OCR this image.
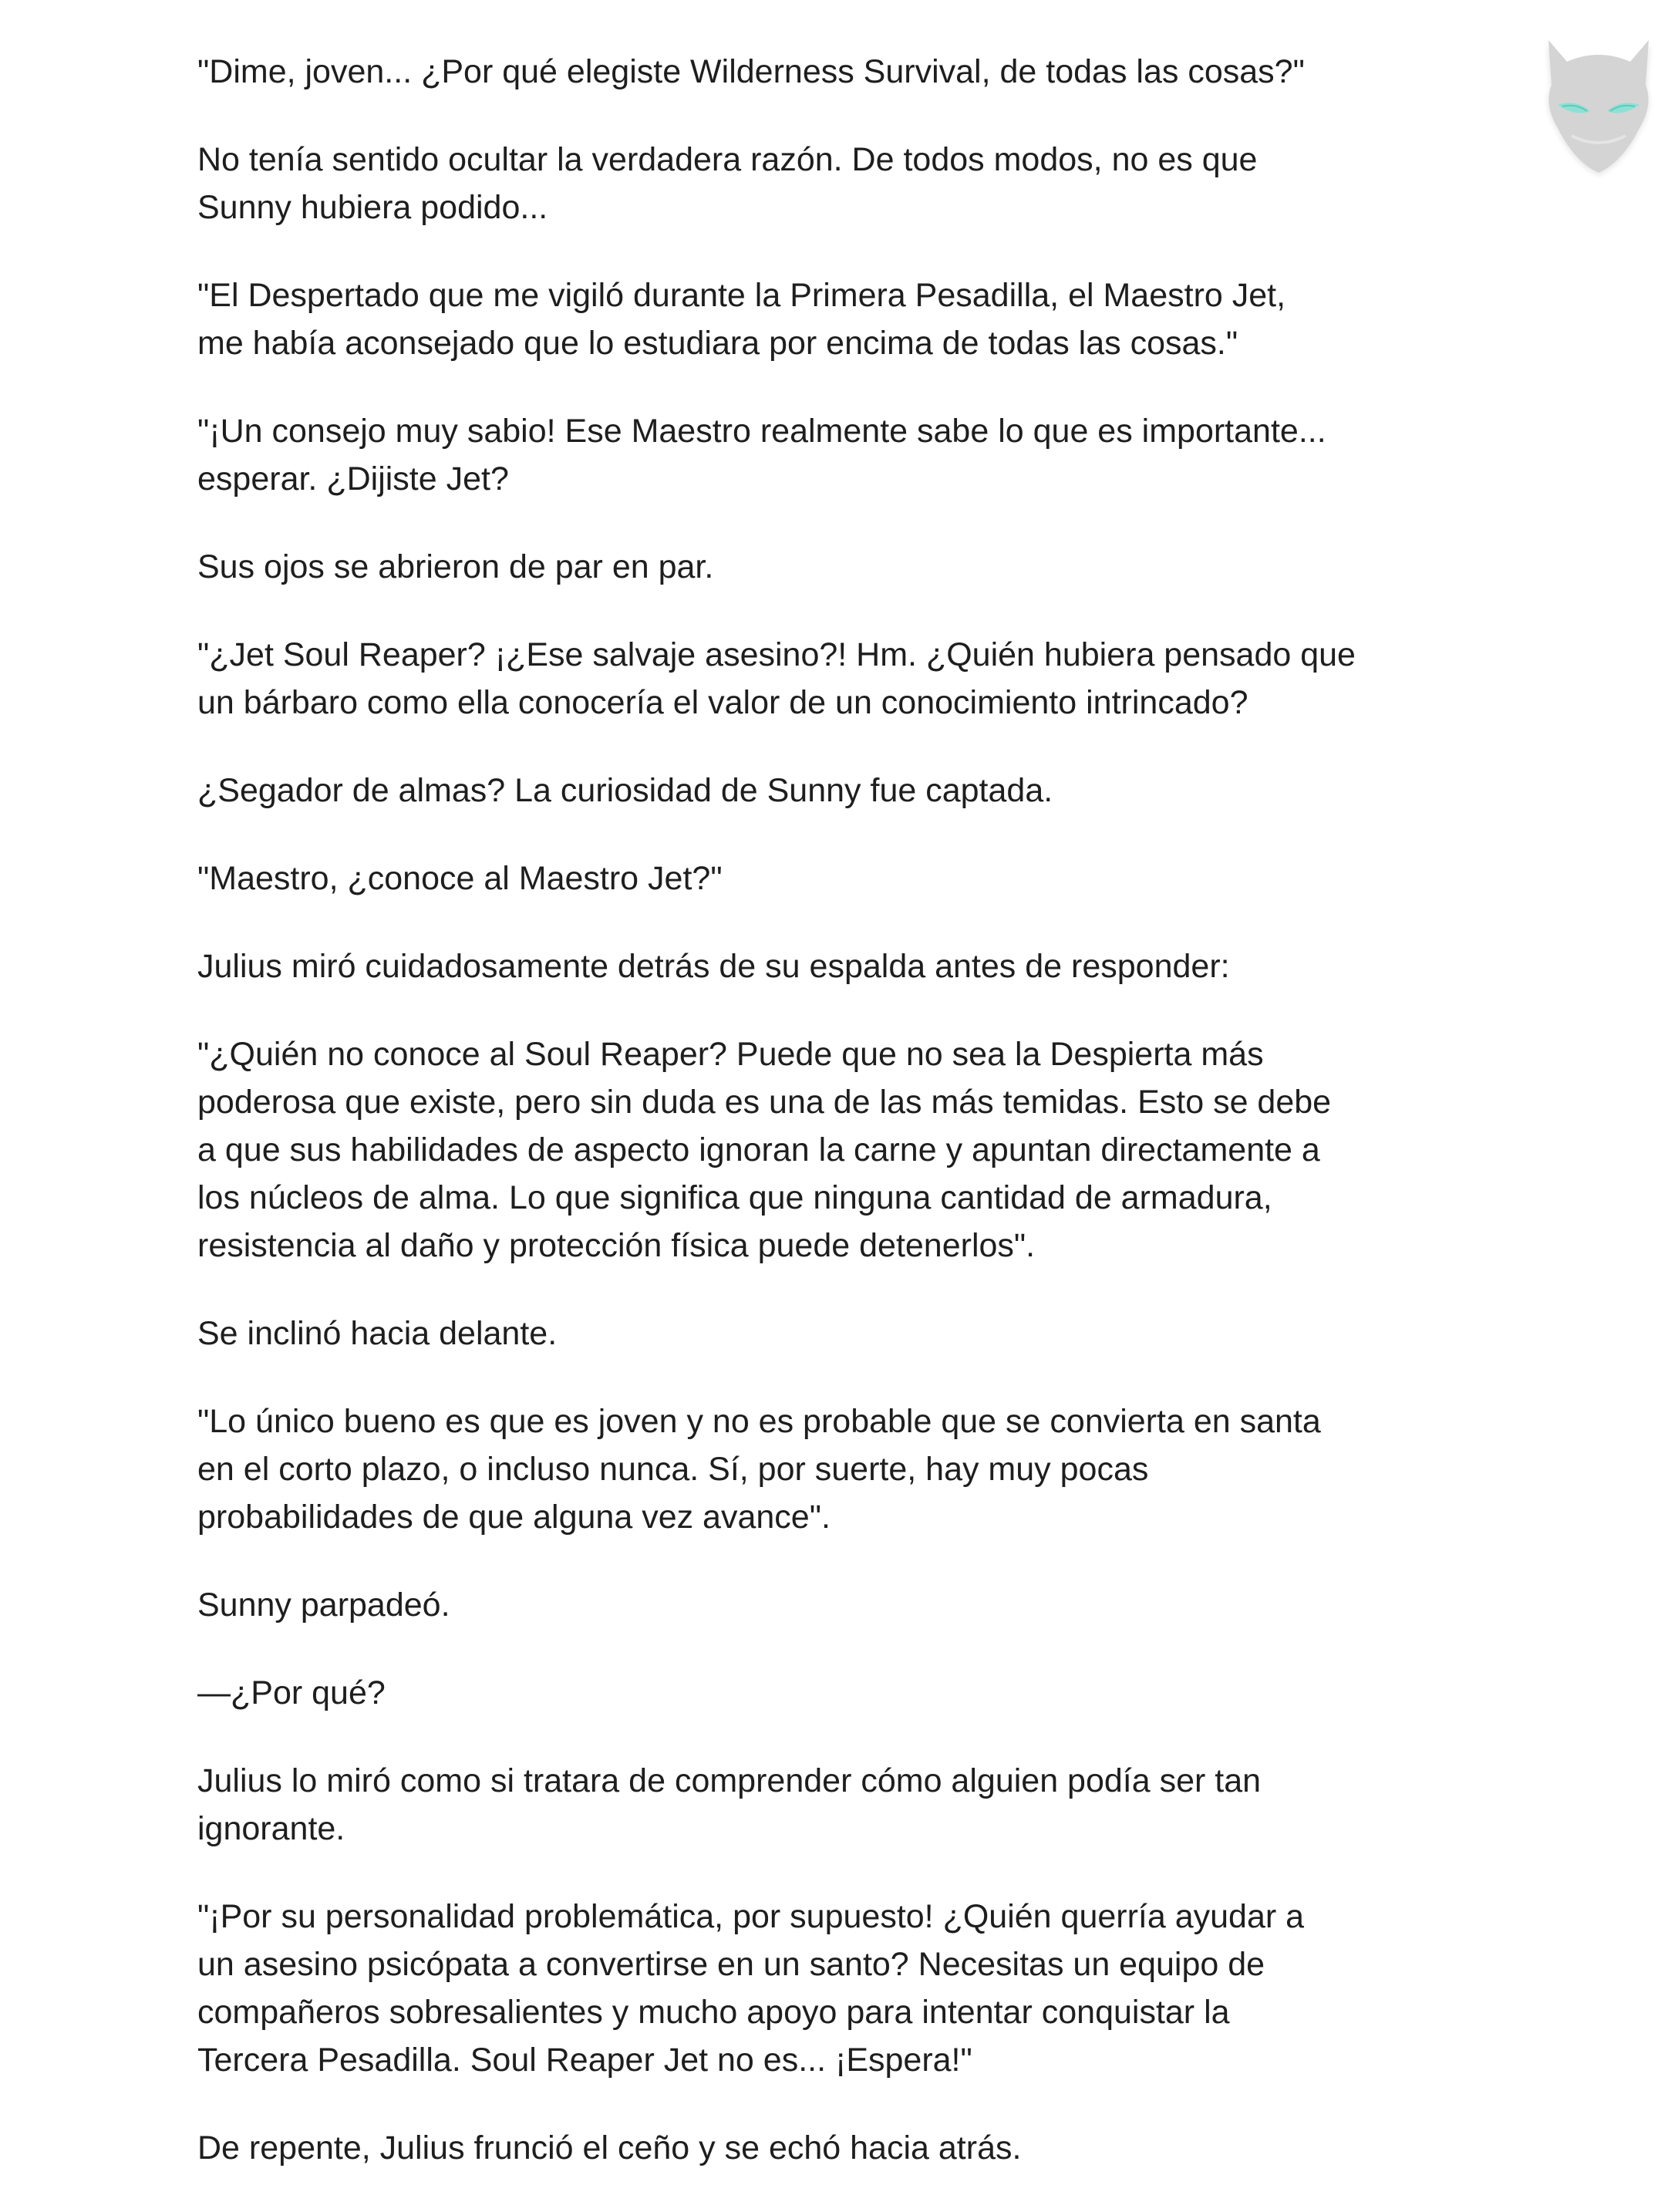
"Dime, joven... ¿Por qué elegiste Wilderness Survival, de todas las cosas?"

No tenía sentido ocultar la verdadera razón. De todos modos, no es que
Sunny hubiera podido...

"El Despertado que me vigiló durante la Primera Pesadilla, el Maestro Jet,
me había aconsejado que lo estudiara por encima de todas las cosas."

"¡Un consejo muy sabio! Ese Maestro realmente sabe lo que es importante...
esperar. ¿Dijiste Jet?

Sus ojos se abrieron de par en par.

"¿Jet Soul Reaper? ¡¿Ese salvaje asesino?! Hm. ¿Quién hubiera pensado que
un bárbaro como ella conocería el valor de un conocimiento intrincado?

¿Segador de almas? La curiosidad de Sunny fue captada.

"Maestro, ¿conoce al Maestro Jet?"

Julius miró cuidadosamente detrás de su espalda antes de responder:

"¿Quién no conoce al Soul Reaper? Puede que no sea la Despierta más
poderosa que existe, pero sin duda es una de las más temidas. Esto se debe
a que sus habilidades de aspecto ignoran la carne y apuntan directamente a
los núcleos de alma. Lo que significa que ninguna cantidad de armadura,
resistencia al daño y protección física puede detenerlos".

Se inclinó hacia delante.

"Lo único bueno es que es joven y no es probable que se convierta en santa
en el corto plazo, o incluso nunca. Sí, por suerte, hay muy pocas
probabilidades de que alguna vez avance".

Sunny parpadeó.

—¿Por qué?

Julius lo miró como si tratara de comprender cómo alguien podía ser tan
ignorante.

"¡Por su personalidad problemática, por supuesto! ¿Quién querría ayudar a
un asesino psicópata a convertirse en un santo? Necesitas un equipo de
compañeros sobresalientes y mucho apoyo para intentar conquistar la
Tercera Pesadilla. Soul Reaper Jet no es... ¡Espera!"

De repente, Julius frunció el ceño y se echó hacia atrás.
